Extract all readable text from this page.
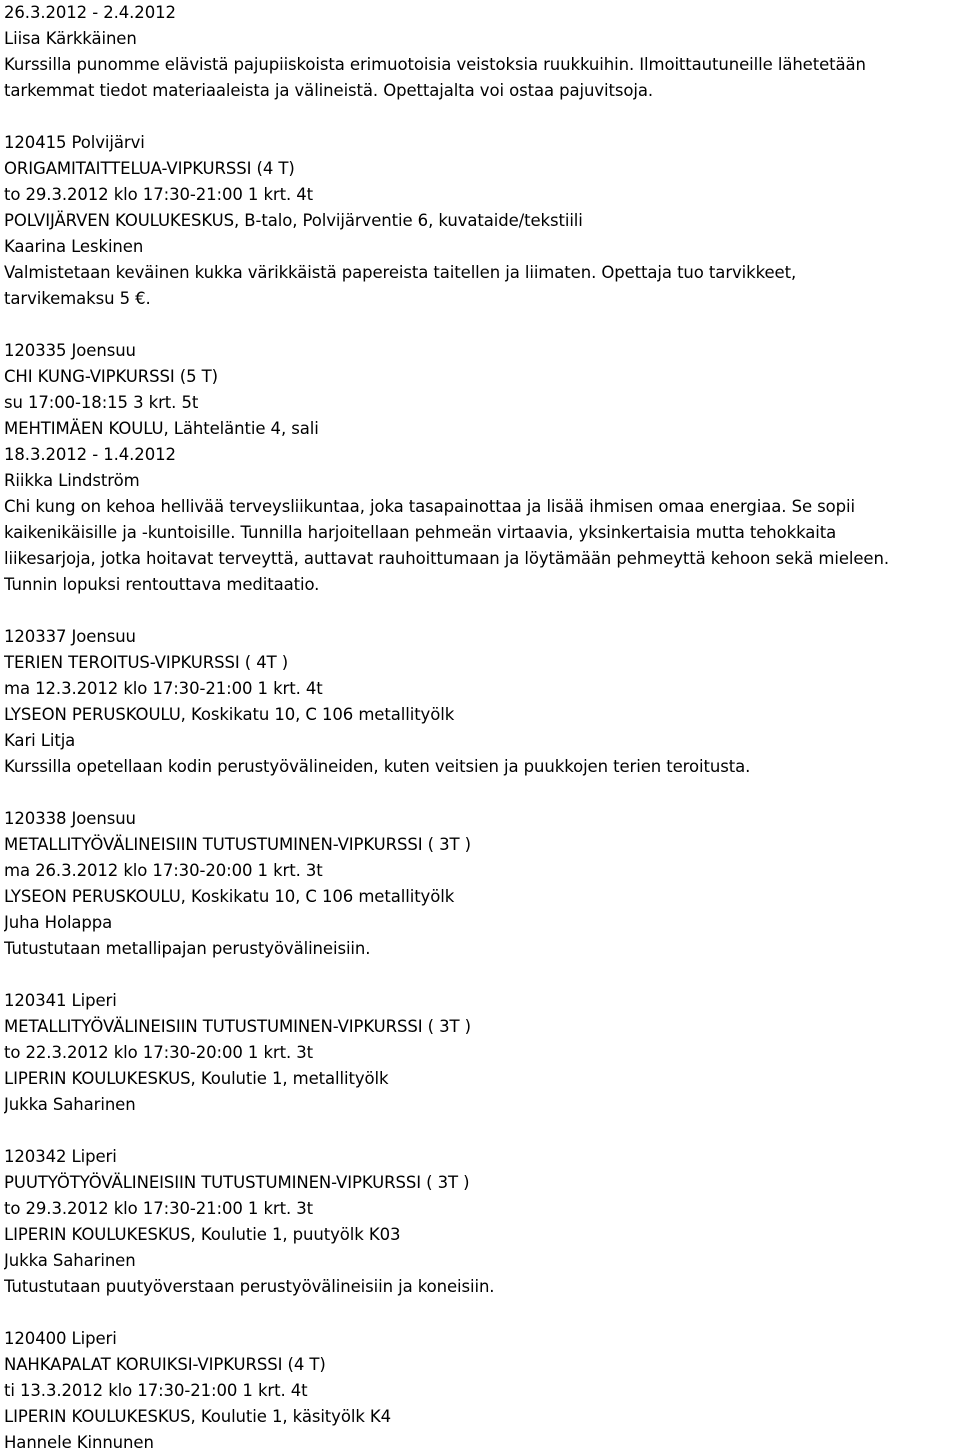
26.3.2012 - 2.4.2012
Liisa Kärkkäinen
Kurssilla punomme elävistä pajupiiskoista erimuotoisia veistoksia ruukkuihin. Ilmoittautuneille lähetetään
tarkemmat tiedot materiaaleista ja välineistä. Opettajalta voi ostaa pajuvitsoja.
120415 Polvijärvi
ORIGAMITAITTELUA-VIPKURSSI (4 T)
to 29.3.2012 klo 17:30-21:00 1 krt. 4t
POLVIJÄRVEN KOULUKESKUS, B-talo, Polvijärventie 6, kuvataide/tekstiili
Kaarina Leskinen
Valmistetaan keväinen kukka värikkäistä papereista taitellen ja liimaten. Opettaja tuo tarvikkeet,
tarvikemaksu 5 €.
120335 Joensuu
CHI KUNG-VIPKURSSI (5 T)
su 17:00-18:15 3 krt. 5t
MEHTIMÄEN KOULU, Lähteläntie 4, sali
18.3.2012 - 1.4.2012
Riikka Lindström
Chi kung on kehoa hellivää terveysliikuntaa, joka tasapainottaa ja lisää ihmisen omaa energiaa. Se sopii
kaikenikäisille ja -kuntoisille. Tunnilla harjoitellaan pehmeän virtaavia, yksinkertaisia mutta tehokkaita
liikesarjoja, jotka hoitavat terveyttä, auttavat rauhoittumaan ja löytämään pehmeyttä kehoon sekä mieleen.
Tunnin lopuksi rentouttava meditaatio.
120337 Joensuu
TERIEN TEROITUS-VIPKURSSI ( 4T )
ma 12.3.2012 klo 17:30-21:00 1 krt. 4t
LYSEON PERUSKOULU, Koskikatu 10, C 106 metallityölk
Kari Litja
Kurssilla opetellaan kodin perustyövälineiden, kuten veitsien ja puukkojen terien teroitusta.
120338 Joensuu
METALLITYÖVÄLINEISIIN TUTUSTUMINEN-VIPKURSSI ( 3T )
ma 26.3.2012 klo 17:30-20:00 1 krt. 3t
LYSEON PERUSKOULU, Koskikatu 10, C 106 metallityölk
Juha Holappa
Tutustutaan metallipajan perustyövälineisiin.
120341 Liperi
METALLITYÖVÄLINEISIIN TUTUSTUMINEN-VIPKURSSI ( 3T )
to 22.3.2012 klo 17:30-20:00 1 krt. 3t
LIPERIN KOULUKESKUS, Koulutie 1, metallityölk
Jukka Saharinen
120342 Liperi
PUUTYÖTYÖVÄLINEISIIN TUTUSTUMINEN-VIPKURSSI ( 3T )
to 29.3.2012 klo 17:30-21:00 1 krt. 3t
LIPERIN KOULUKESKUS, Koulutie 1, puutyölk K03
Jukka Saharinen
Tutustutaan puutyöverstaan perustyövälineisiin ja koneisiin.
120400 Liperi
NAHKAPALAT KORUIKSI-VIPKURSSI (4 T)
ti 13.3.2012 klo 17:30-21:00 1 krt. 4t
LIPERIN KOULUKESKUS, Koulutie 1, käsityölk K4
Hannele Kinnunen
